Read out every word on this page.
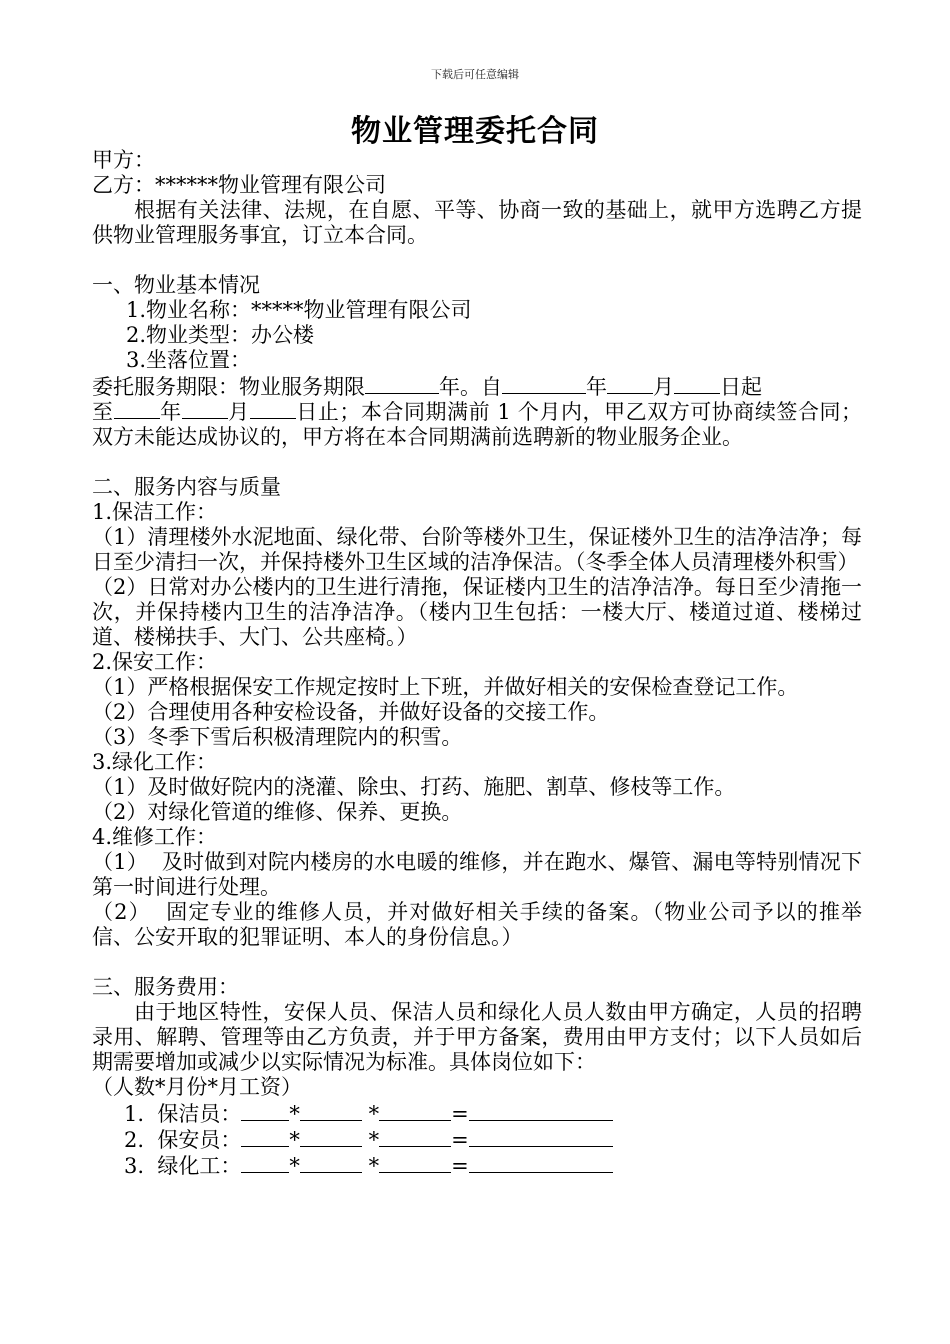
下载后可任意编辑
物业管理委托合同
甲方：
乙方：******物业管理有限公司
根据有关法律、法规，在自愿、平等、协商一致的基础上，就甲方选聘乙方提供物业管理服务事宜，订立本合同。
一、物业基本情况
1.物业名称：*****物业管理有限公司
2.物业类型：办公楼
3.坐落位置：
委托服务期限：物业服务期限	年。自	年 月 日起
至 年 月 日止；本合同期满前 1 个月内，甲乙双方可协商续签合同；双方未能达成协议的，甲方将在本合同期满前选聘新的物业服务企业。
二、服务内容与质量
1.保洁工作：
（1）清理楼外水泥地面、绿化带、台阶等楼外卫生，保证楼外卫生的洁净洁净；每日至少清扫一次，并保持楼外卫生区域的洁净保洁。（冬季全体人员清理楼外积雪）
（2）日常对办公楼内的卫生进行清拖，保证楼内卫生的洁净洁净。每日至少清拖一次，并保持楼内卫生的洁净洁净。（楼内卫生包括：一楼大厅、楼道过道、楼梯过道、楼梯扶手、大门、公共座椅。）
2.保安工作：
（1）严格根据保安工作规定按时上下班，并做好相关的安保检查登记工作。
（2）合理使用各种安检设备，并做好设备的交接工作。
（3）冬季下雪后积极清理院内的积雪。
3.绿化工作：
（1）及时做好院内的浇灌、除虫、打药、施肥、割草、修枝等工作。
（2）对绿化管道的维修、保养、更换。
4.维修工作：
（1）  及时做到对院内楼房的水电暖的维修，并在跑水、爆管、漏电等特别情况下第一时间进行处理。
（2）  固定专业的维修人员，并对做好相关手续的备案。（物业公司予以的推举信、公安开取的犯罪证明、本人的身份信息。）
三、服务费用：
由于地区特性，安保人员、保洁人员和绿化人员人数由甲方确定，人员的招聘录用、解聘、管理等由乙方负责，并于甲方备案，费用由甲方支付；以下人员如后期需要增加或减少以实际情况为标准。具体岗位如下：
（人数*月份*月工资）
1. 保洁员： *	*	=
2. 保安员： *	*	=
3. 绿化工： *	*	=
